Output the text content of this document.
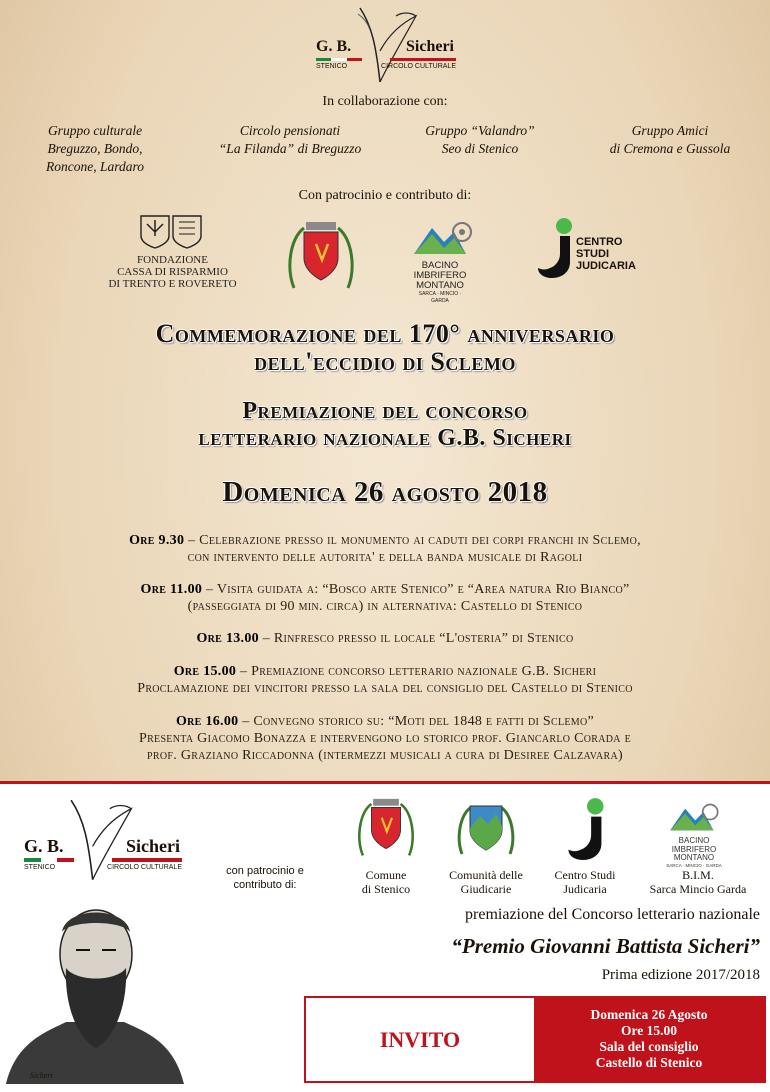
G. B.	Sicheri
STENICO	CIRCOLO CULTURALE
In collaborazione con:
Gruppo culturale
Breguzzo, Bondo,
Roncone, Lardaro
Circolo pensionati
“La Filanda” di Breguzzo
Gruppo “Valandro”
Seo di Stenico
Gruppo Amici
di Cremona e Gussola
Con patrocinio e contributo di:
FONDAZIONE
CASSA DI RISPARMIO
DI TRENTO E ROVERETO
BACINO
IMBRIFERO
MONTANO
SARCA · MINCIO · GARDA
CENTRO
STUDI
JUDICARIA
Commemorazione del 170° anniversario
dell'eccidio di Sclemo
Premiazione del concorso
letterario nazionale G.B. Sicheri
Domenica 26 agosto 2018
Ore 9.30 – Celebrazione presso il monumento ai caduti dei corpi franchi in Sclemo,
con intervento delle autorita' e della banda musicale di Ragoli
Ore 11.00 – Visita guidata a: “Bosco arte Stenico” e “Area natura Rio Bianco”
(passeggiata di 90 min. circa) in alternativa: Castello di Stenico
Ore 13.00 – Rinfresco presso il locale “L'osteria” di Stenico
Ore 15.00 – Premiazione concorso letterario nazionale G.B. Sicheri
Proclamazione dei vincitori presso la sala del consiglio del Castello di Stenico
Ore 16.00 – Convegno storico su: “Moti del 1848 e fatti di Sclemo”
Presenta Giacomo Bonazza e intervengono lo storico prof. Giancarlo Corada e
prof. Graziano Riccadonna (intermezzi musicali a cura di Desiree Calzavara)
G. B.	Sicheri
STENICO	CIRCOLO CULTURALE
Sicheri
con patrocinio e
contributo di:
BACINO
IMBRIFERO
MONTANO
SARCA · MINCIO · GARDA
Comune
di Stenico
Comunità delle
Giudicarie
Centro Studi
Judicaria
B.I.M.
Sarca Mincio Garda
premiazione del Concorso letterario nazionale
“Premio Giovanni Battista Sicheri”
Prima edizione 2017/2018
INVITO
Domenica 26 Agosto
Ore 15.00
Sala del consiglio
Castello di Stenico
